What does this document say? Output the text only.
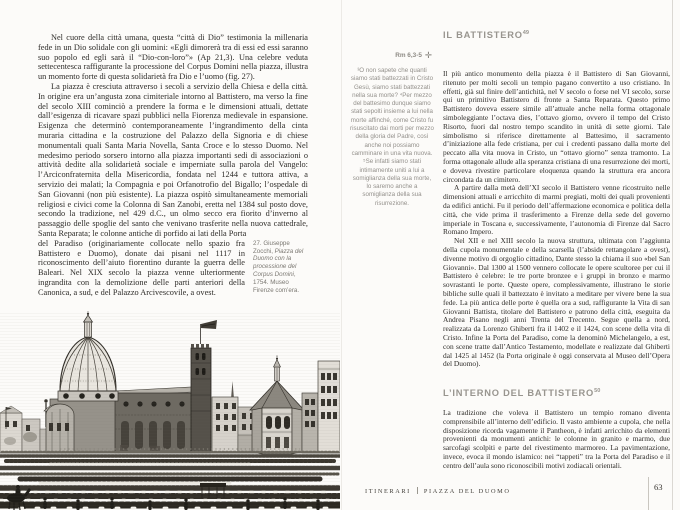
Nel cuore della città umana, questa “città di Dio” testimonia la millenaria fede in un Dio solidale con gli uomini: «Egli dimorerà tra di essi ed essi saranno suo popolo ed egli sarà il “Dio-con-loro”» (Ap 21,3). Una celebre veduta settecentesca raffigurante la processione del Corpus Domini nella piazza, illustra un momento forte di questa solidarietà fra Dio e l’uomo (fig. 27).

La piazza è cresciuta attraverso i secoli a servizio della Chiesa e della città. In origine era un’angusta zona cimiteriale intorno al Battistero, ma verso la fine del secolo XIII cominciò a prendere la forma e le dimensioni attuali, dettate dall’esigenza di ricavare spazi pubblici nella Fiorenza medievale in espansione. Esigenza che determinò contemporaneamente l’ingrandimento della cinta muraria cittadina e la costruzione del Palazzo della Signoria e di chiese monumentali quali Santa Maria Novella, Santa Croce e lo stesso Duomo. Nel medesimo periodo sorsero intorno alla piazza importanti sedi di associazioni o attività dedite alla solidarietà sociale e imperniate sulla parola del Vangelo: l’Arciconfraternita della Misericordia, fondata nel 1244 e tuttora attiva, a servizio dei malati; la Compagnia e poi Orfanotrofio del Bigallo; l’ospedale di San Giovanni (non più esistente). La piazza ospitò simultaneamente memoriali religiosi e civici come la Colonna di San Zanobi, eretta nel 1384 sul posto dove, secondo la tradizione, nel 429 d.C., un olmo secco era fiorito d’inverno al passaggio delle spoglie del santo che venivano trasferite nella nuova cattedrale, Santa Reparata; le colonne antiche di porfido ai lati della Porta

27. Giuseppe Zocchi, Piazza del Duomo con la processione del Corpus Domini, 1754. Museo Firenze com’era.

del Paradiso (originariamente collocate nello spazio fra Battistero e Duomo), donate dai pisani nel 1117 in riconoscimento dell’aiuto fiorentino durante la guerra delle Baleari. Nel XIX secolo la piazza venne ulteriormente ingrandita con la demolizione delle parti anteriori della Canonica, a sud, e del Palazzo Arcivescovile, a ovest.

IL BATTISTERO$^{49}$
Rm 6,3-5 ✛
³O non sapete che quanti siamo stati battezzati in Cristo Gesù, siamo stati battezzati nella sua morte? ⁴Per mezzo del battesimo dunque siamo stati sepolti insieme a lui nella morte affinché, come Cristo fu risuscitato dai morti per mezzo della gloria del Padre, così anche noi possiamo camminare in una vita nuova. ⁵Se infatti siamo stati intimamente uniti a lui a somiglianza della sua morte, lo saremo anche a somiglianza della sua risurrezione.

Il più antico monumento della piazza è il Battistero di San Giovanni, ritenuto per molti secoli un tempio pagano convertito a uso cristiano. In effetti, già sul finire dell’antichità, nel V secolo o forse nel VI secolo, sorse qui un primitivo Battistero di fronte a Santa Reparata. Questo primo Battistero doveva essere simile all’attuale anche nella forma ottagonale simboleggiante l’octava dies, l’ottavo giorno, ovvero il tempo del Cristo Risorto, fuori dal nostro tempo scandito in unità di sette giorni. Tale simbolismo si riferisce direttamente al Battesimo, il sacramento d’iniziazione alla fede cristiana, per cui i credenti passano dalla morte del peccato alla vita nuova in Cristo, un “ottavo giorno” senza tramonto. La forma ottagonale allude alla speranza cristiana di una resurrezione dei morti, e doveva rivestire particolare eloquenza quando la struttura era ancora circondata da un cimitero.

A partire dalla metà dell’XI secolo il Battistero venne ricostruito nelle dimensioni attuali e arricchito di marmi pregiati, molti dei quali provenienti da edifici antichi. Fu il periodo dell’affermazione economica e politica della città, che vide prima il trasferimento a Firenze della sede del governo imperiale in Toscana e, successivamente, l’autonomia di Firenze dal Sacro Romano Impero.

Nel XII e nel XIII secolo la nuova struttura, ultimata con l’aggiunta della cupola monumentale e della scarsella (l’abside rettangolare a ovest), divenne motivo di orgoglio cittadino, Dante stesso la chiama il suo «bel San Giovanni». Dal 1300 al 1500 vennero collocate le opere scultoree per cui il Battistero è celebre: le tre porte bronzee e i gruppi in bronzo e marmo sovrastanti le porte. Queste opere, complessivamente, illustrano le storie bibliche sulle quali il battezzato è invitato a meditare per vivere bene la sua fede. La più antica delle porte è quella ora a sud, raffigurante la Vita di san Giovanni Battista, titolare del Battistero e patrono della città, eseguita da Andrea Pisano negli anni Trenta del Trecento. Segue quella a nord, realizzata da Lorenzo Ghiberti fra il 1402 e il 1424, con scene della vita di Cristo. Infine la Porta del Paradiso, come la denominò Michelangelo, a est, con scene tratte dall’Antico Testamento, modellate e realizzate dal Ghiberti dal 1425 al 1452 (la Porta originale è oggi conservata al Museo dell’Opera del Duomo).

L’INTERNO DEL BATTISTERO$^{50}$

La tradizione che voleva il Battistero un tempio romano diventa comprensibile all’interno dell’edificio. Il vasto ambiente a cupola, che nella disposizione ricorda vagamente il Pantheon, è infatti arricchito da elementi provenienti da monumenti antichi: le colonne in granito e marmo, due sarcofagi scolpiti e parte del rivestimento marmoreo. La pavimentazione, invece, evoca il mondo islamico: nei “tappeti” tra la Porta del Paradiso e il centro dell’aula sono riconoscibili motivi zodiacali orientali.

ITINERARI PIAZZA DEL DUOMO	63
